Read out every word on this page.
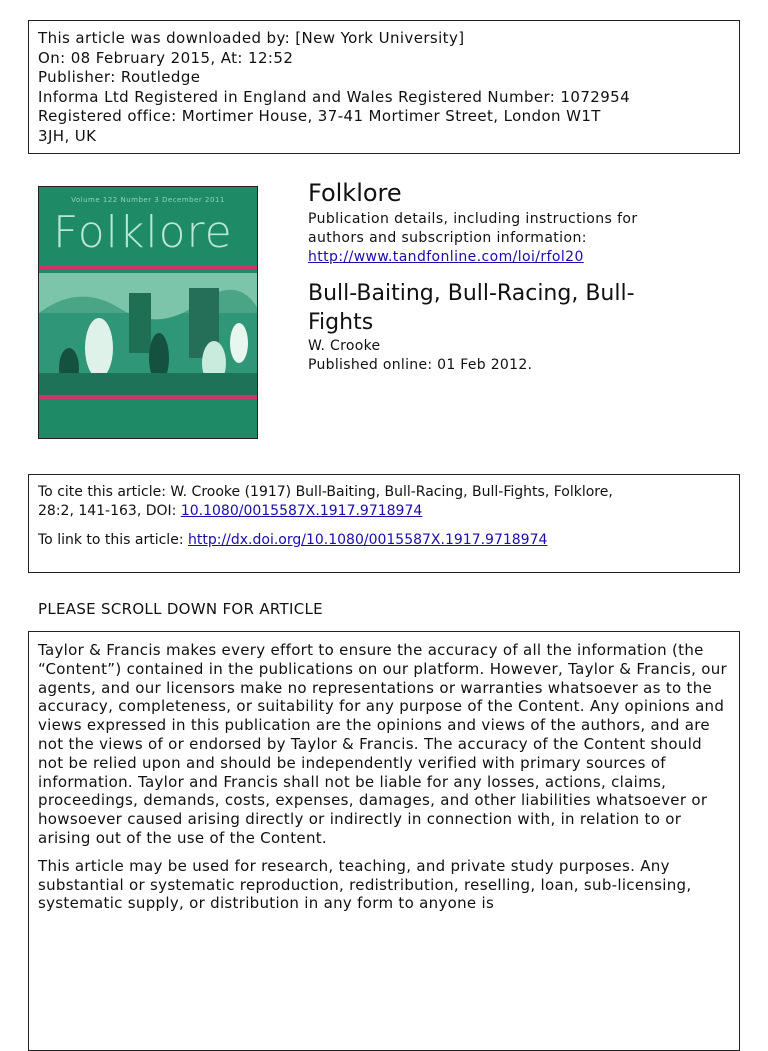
This article was downloaded by: [New York University]
On: 08 February 2015, At: 12:52
Publisher: Routledge
Informa Ltd Registered in England and Wales Registered Number: 1072954
Registered office: Mortimer House, 37-41 Mortimer Street, London W1T
3JH, UK
Volume 122 Number 3 December 2011
Folklore
Folklore
Publication details, including instructions for
authors and subscription information:
http://www.tandfonline.com/loi/rfol20
Bull-Baiting, Bull-Racing, Bull-
Fights
W. Crooke
Published online: 01 Feb 2012.

To cite this article: W. Crooke (1917) Bull-Baiting, Bull-Racing, Bull-Fights, Folklore,

28:2, 141-163, DOI: 10.1080/0015587X.1917.9718974

To link to this article: http://dx.doi.org/10.1080/0015587X.1917.9718974

PLEASE SCROLL DOWN FOR ARTICLE

Taylor & Francis makes every effort to ensure the accuracy of all the information (the “Content”) contained in the publications on our platform. However, Taylor & Francis, our agents, and our licensors make no representations or warranties whatsoever as to the accuracy, completeness, or suitability for any purpose of the Content. Any opinions and views expressed in this publication are the opinions and views of the authors, and are not the views of or endorsed by Taylor & Francis. The accuracy of the Content should not be relied upon and should be independently verified with primary sources of information. Taylor and Francis shall not be liable for any losses, actions, claims, proceedings, demands, costs, expenses, damages, and other liabilities whatsoever or howsoever caused arising directly or indirectly in connection with, in relation to or arising out of the use of the Content.

This article may be used for research, teaching, and private study purposes. Any substantial or systematic reproduction, redistribution, reselling, loan, sub-licensing, systematic supply, or distribution in any form to anyone is
